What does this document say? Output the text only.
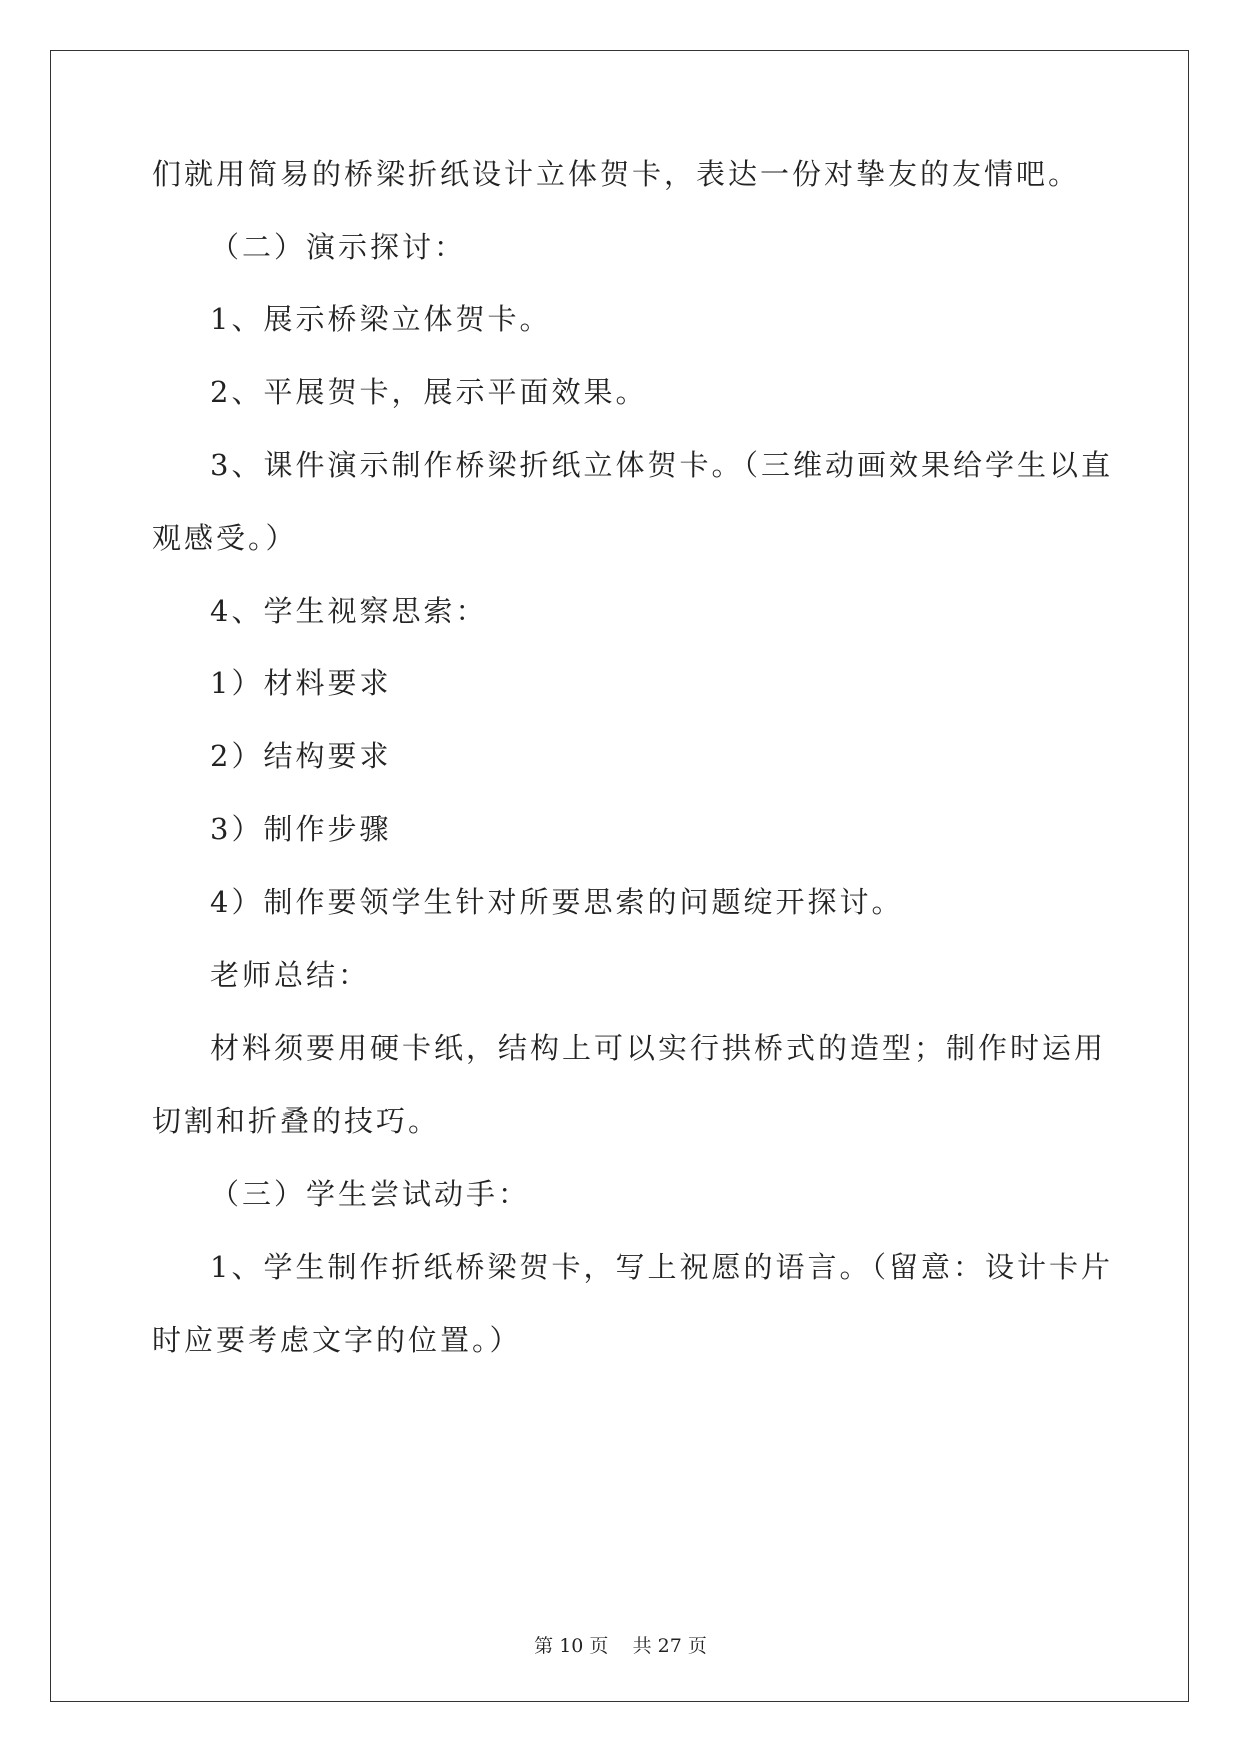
们就用简易的桥梁折纸设计立体贺卡，表达一份对挚友的友情吧。
（二）演示探讨：
1、展示桥梁立体贺卡。
2、平展贺卡，展示平面效果。
3、课件演示制作桥梁折纸立体贺卡。（三维动画效果给学生以直
观感受。）
4、学生视察思索：
1）材料要求
2）结构要求
3）制作步骤
4）制作要领学生针对所要思索的问题绽开探讨。
老师总结：
材料须要用硬卡纸，结构上可以实行拱桥式的造型；制作时运用
切割和折叠的技巧。
（三）学生尝试动手：
1、学生制作折纸桥梁贺卡，写上祝愿的语言。（留意：设计卡片
时应要考虑文字的位置。）
第 10 页    共 27 页
